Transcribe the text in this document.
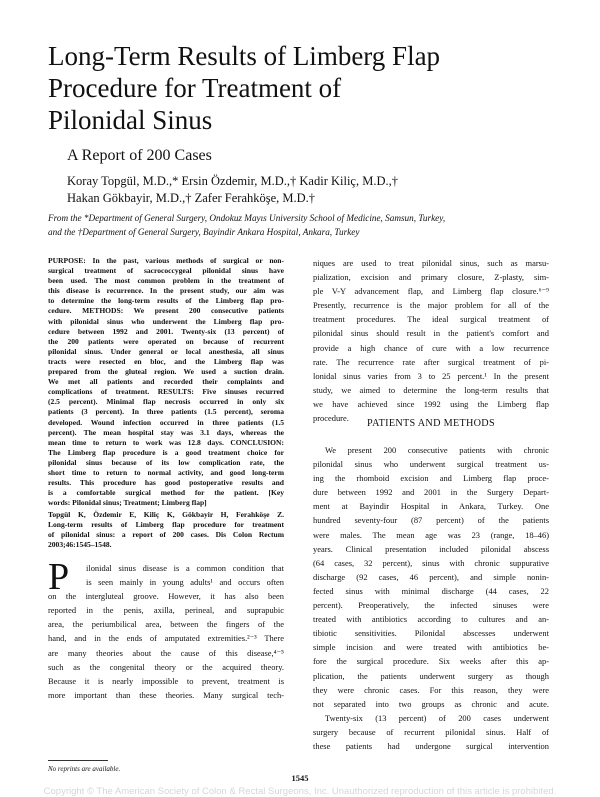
Long-Term Results of Limberg Flap
Procedure for Treatment of
Pilonidal Sinus
A Report of 200 Cases
Koray Topgül, M.D.,* Ersin Özdemir, M.D.,† Kadir Kiliç, M.D.,†
Hakan Gökbayir, M.D.,† Zafer Ferahköşe, M.D.†
From the *Department of General Surgery, Ondokuz Mayıs University School of Medicine, Samsun, Turkey,
and the †Department of General Surgery, Bayindir Ankara Hospital, Ankara, Turkey
PURPOSE: In the past, various methods of surgical or non-
surgical treatment of sacrococcygeal pilonidal sinus have
been used. The most common problem in the treatment of
this disease is recurrence. In the present study, our aim was
to determine the long-term results of the Limberg flap pro-
cedure. METHODS: We present 200 consecutive patients
with pilonidal sinus who underwent the Limberg flap pro-
cedure between 1992 and 2001. Twenty-six (13 percent) of
the 200 patients were operated on because of recurrent
pilonidal sinus. Under general or local anesthesia, all sinus
tracts were resected en bloc, and the Limberg flap was
prepared from the gluteal region. We used a suction drain.
We met all patients and recorded their complaints and
complications of treatment. RESULTS: Five sinuses recurred
(2.5 percent). Minimal flap necrosis occurred in only six
patients (3 percent). In three patients (1.5 percent), seroma
developed. Wound infection occurred in three patients (1.5
percent). The mean hospital stay was 3.1 days, whereas the
mean time to return to work was 12.8 days. CONCLUSION:
The Limberg flap procedure is a good treatment choice for
pilonidal sinus because of its low complication rate, the
short time to return to normal activity, and good long-term
results. This procedure has good postoperative results and
is a comfortable surgical method for the patient. [Key
words: Pilonidal sinus; Treatment; Limberg flap]
Topgül K, Özdemir E, Kiliç K, Gökbayir H, Ferahköşe Z.
Long-term results of Limberg flap procedure for treatment
of pilonidal sinus: a report of 200 cases. Dis Colon Rectum
2003;46:1545–1548.
P	ilonidal sinus disease is a common condition that
is seen mainly in young adults¹ and occurs often
on the intergluteal groove. However, it has also been
reported in the penis, axilla, perineal, and suprapubic
area, the periumbilical area, between the fingers of the
hand, and in the ends of amputated extremities.²⁻³ There
are many theories about the cause of this disease,⁴⁻⁵
such as the congenital theory or the acquired theory.
Because it is nearly impossible to prevent, treatment is
more important than these theories. Many surgical tech-
niques are used to treat pilonidal sinus, such as marsu-
pialization, excision and primary closure, Z-plasty, sim-
ple V-Y advancement flap, and Limberg flap closure.⁶⁻⁹
Presently, recurrence is the major problem for all of the
treatment procedures. The ideal surgical treatment of
pilonidal sinus should result in the patient's comfort and
provide a high chance of cure with a low recurrence
rate. The recurrence rate after surgical treatment of pi-
lonidal sinus varies from 3 to 25 percent.¹ In the present
study, we aimed to determine the long-term results that
we have achieved since 1992 using the Limberg flap
procedure.	PATIENTS AND METHODS
We present 200 consecutive patients with chronic
pilonidal sinus who underwent surgical treatment us-
ing the rhomboid excision and Limberg flap proce-
dure between 1992 and 2001 in the Surgery Depart-
ment at Bayindir Hospital in Ankara, Turkey. One
hundred seventy-four (87 percent) of the patients
were males. The mean age was 23 (range, 18–46)
years. Clinical presentation included pilonidal abscess
(64 cases, 32 percent), sinus with chronic suppurative
discharge (92 cases, 46 percent), and simple nonin-
fected sinus with minimal discharge (44 cases, 22
percent). Preoperatively, the infected sinuses were
treated with antibiotics according to cultures and an-
tibiotic sensitivities. Pilonidal abscesses underwent
simple incision and were treated with antibiotics be-
fore the surgical procedure. Six weeks after this ap-
plication, the patients underwent surgery as though
they were chronic cases. For this reason, they were
not separated into two groups as chronic and acute.
Twenty-six (13 percent) of 200 cases underwent
surgery because of recurrent pilonidal sinus. Half of
these patients had undergone surgical intervention
No reprints are available.
1545
Copyright © The American Society of Colon & Rectal Surgeons, Inc. Unauthorized reproduction of this article is prohibited.
